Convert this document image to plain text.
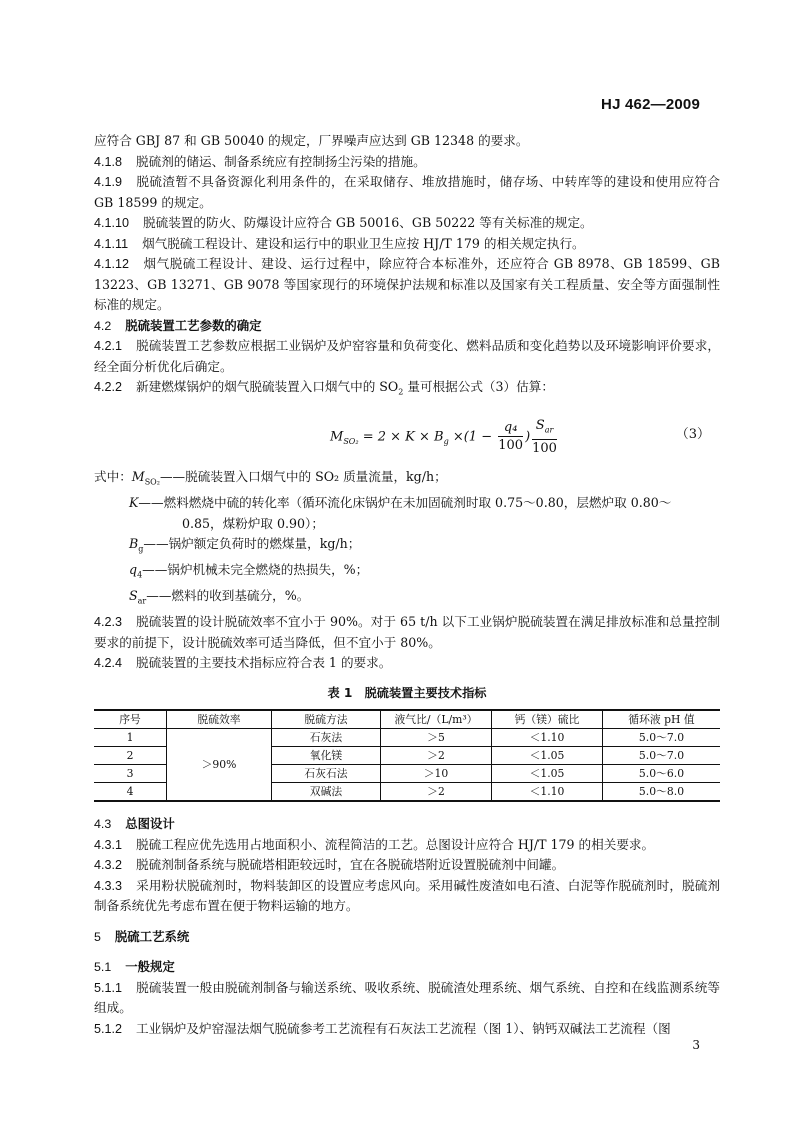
HJ 462—2009

应符合 GBJ 87 和 GB 50040 的规定，厂界噪声应达到 GB 12348 的要求。

4.1.8 脱硫剂的储运、制备系统应有控制扬尘污染的措施。

4.1.9 脱硫渣暂不具备资源化利用条件的，在采取储存、堆放措施时，储存场、中转库等的建设和使用应符合 GB 18599 的规定。

4.1.10 脱硫装置的防火、防爆设计应符合 GB 50016、GB 50222 等有关标准的规定。

4.1.11 烟气脱硫工程设计、建设和运行中的职业卫生应按 HJ/T 179 的相关规定执行。

4.1.12 烟气脱硫工程设计、建设、运行过程中，除应符合本标准外，还应符合 GB 8978、GB 18599、GB 13223、GB 13271、GB 9078 等国家现行的环境保护法规和标准以及国家有关工程质量、安全等方面强制性标准的规定。

4.2 脱硫装置工艺参数的确定

4.2.1 脱硫装置工艺参数应根据工业锅炉及炉窑容量和负荷变化、燃料品质和变化趋势以及环境影响评价要求，经全面分析优化后确定。

4.2.2 新建燃煤锅炉的烟气脱硫装置入口烟气中的 $SO_2$ 量可根据公式（3）估算：

$M_{SO_2} = 2 \times K \times B_g \times(1 - \frac{\text{q₄}}{100}$ ) $\frac{S_{ar}}{100}$	（3）

式中：$M_{SO_2}——$脱硫装置入口烟气中的 SO₂ 质量流量，kg/h；

K——燃料燃烧中硫的转化率（循环流化床锅炉在未加固硫剂时取 0.75～0.80，层燃炉取 0.80～

0.85，煤粉炉取 0.90）；

$B_g——$锅炉额定负荷时的燃煤量，kg/h；

$q_4——$锅炉机械未完全燃烧的热损失，%；

$S_{ar}——$燃料的收到基硫分，%。

4.2.3 脱硫装置的设计脱硫效率不宜小于 90%。对于 65 t/h 以下工业锅炉脱硫装置在满足排放标准和总量控制要求的前提下，设计脱硫效率可适当降低，但不宜小于 80%。

4.2.4 脱硫装置的主要技术指标应符合表 1 的要求。

表 1　脱硫装置主要技术指标
序号	脱硫效率	脱硫方法	液气比/（L/m³）	钙（镁）硫比	循环液 pH 值
1	＞90%	石灰法	＞5	＜1.10	5.0～7.0
2		氧化镁	＞2	＜1.05	5.0～7.0
3		石灰石法	＞10	＜1.05	5.0～6.0
4		双碱法	＞2	＜1.10	5.0～8.0

4.3 总图设计

4.3.1 脱硫工程应优先选用占地面积小、流程简洁的工艺。总图设计应符合 HJ/T 179 的相关要求。

4.3.2 脱硫剂制备系统与脱硫塔相距较远时，宜在各脱硫塔附近设置脱硫剂中间罐。

4.3.3 采用粉状脱硫剂时，物料装卸区的设置应考虑风向。采用碱性废渣如电石渣、白泥等作脱硫剂时，脱硫剂制备系统优先考虑布置在便于物料运输的地方。

5 脱硫工艺系统

5.1 一般规定

5.1.1 脱硫装置一般由脱硫剂制备与输送系统、吸收系统、脱硫渣处理系统、烟气系统、自控和在线监测系统等组成。

5.1.2 工业锅炉及炉窑湿法烟气脱硫参考工艺流程有石灰法工艺流程（图 1）、钠钙双碱法工艺流程（图

3
